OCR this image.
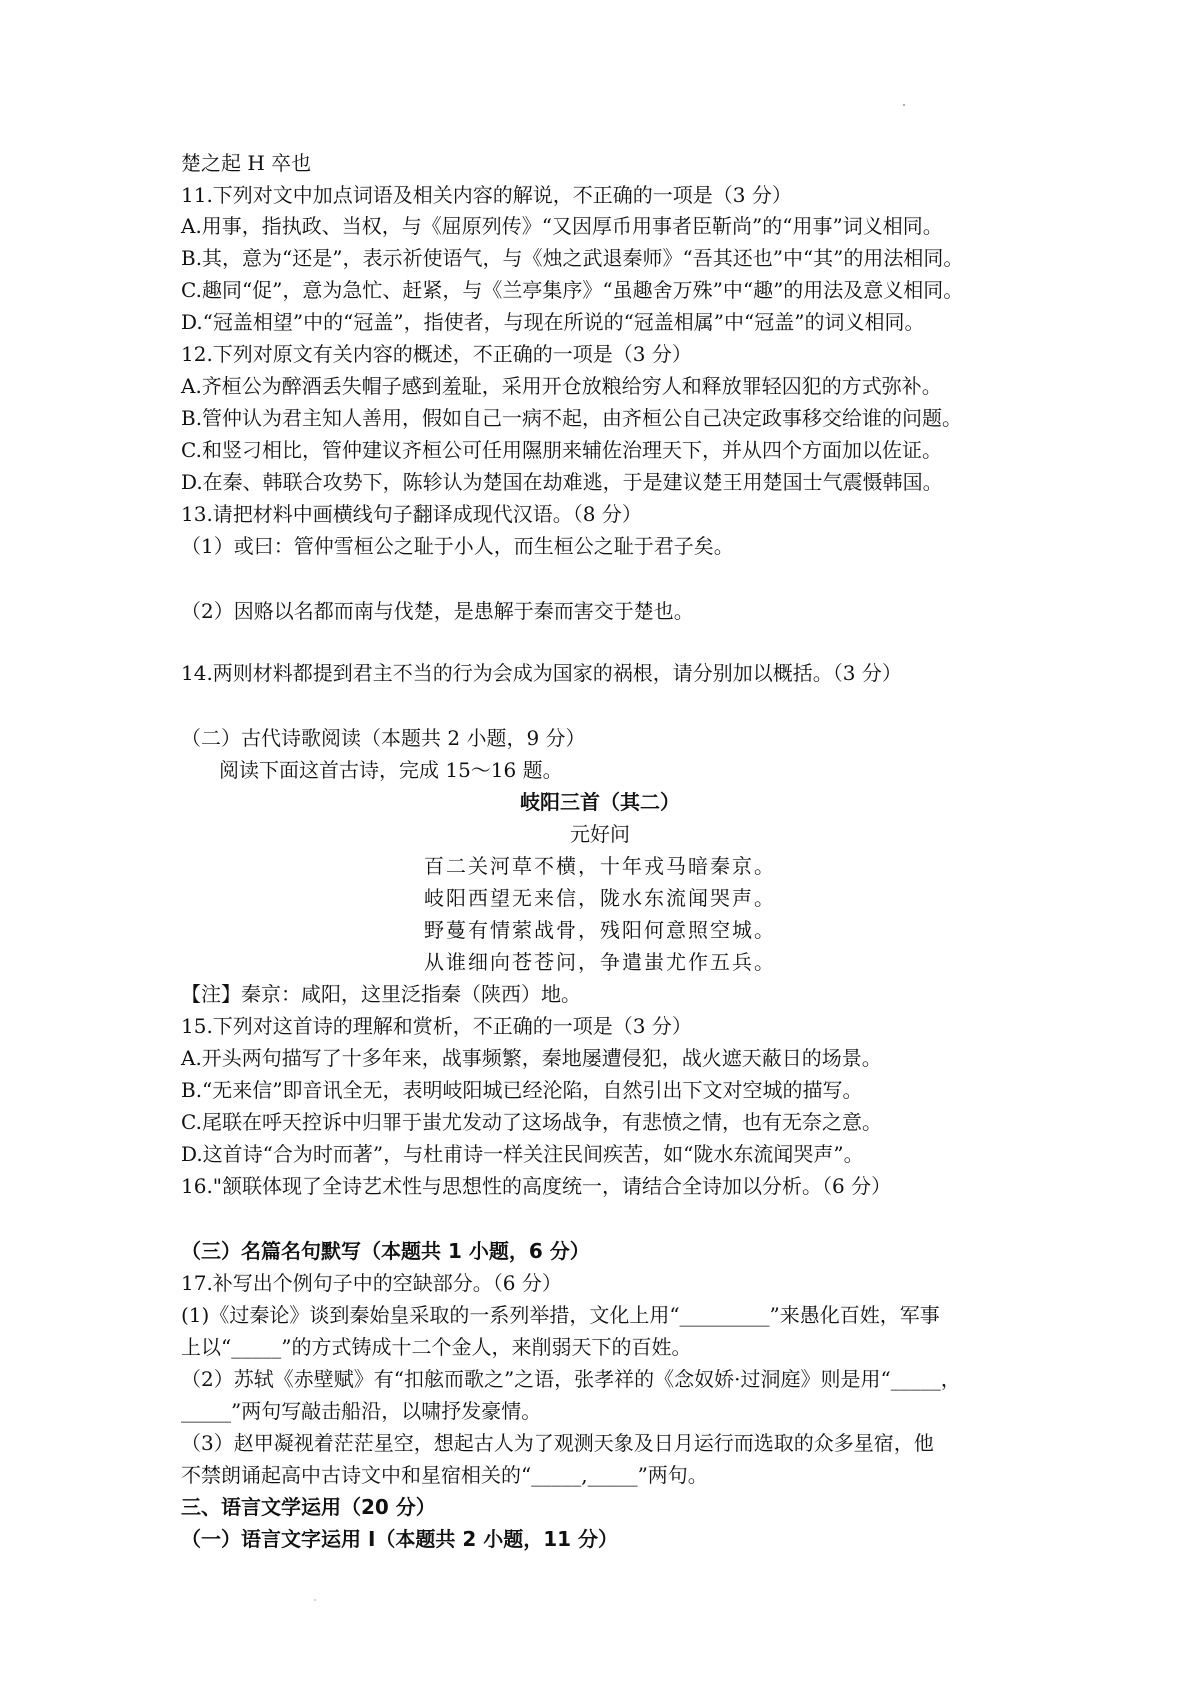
楚之起 H 卒也
11.下列对文中加点词语及相关内容的解说，不正确的一项是（3 分）
A.用事，指执政、当权，与《屈原列传》“又因厚币用事者臣靳尚”的“用事”词义相同。
B.其，意为“还是”，表示祈使语气，与《烛之武退秦师》“吾其还也”中“其”的用法相同。
C.趣同“促”，意为急忙、赶紧，与《兰亭集序》“虽趣舍万殊”中“趣”的用法及意义相同。
D.“冠盖相望”中的“冠盖”，指使者，与现在所说的“冠盖相属”中“冠盖”的词义相同。
12.下列对原文有关内容的概述，不正确的一项是（3 分）
A.齐桓公为醉酒丢失帽子感到羞耻，采用开仓放粮给穷人和释放罪轻囚犯的方式弥补。
B.管仲认为君主知人善用，假如自己一病不起，由齐桓公自己决定政事移交给谁的问题。
C.和竖刁相比，管仲建议齐桓公可任用隰朋来辅佐治理天下，并从四个方面加以佐证。
D.在秦、韩联合攻势下，陈轸认为楚国在劫难逃，于是建议楚王用楚国士气震慑韩国。
13.请把材料中画横线句子翻译成现代汉语。（8 分）
（1）或曰：管仲雪桓公之耻于小人，而生桓公之耻于君子矣。
（2）因赂以名都而南与伐楚，是患解于秦而害交于楚也。
14.两则材料都提到君主不当的行为会成为国家的祸根，请分别加以概括。（3 分）
（二）古代诗歌阅读（本题共 2 小题，9 分）
阅读下面这首古诗，完成 15～16 题。
岐阳三首（其二）
元好问
百二关河草不横，十年戎马暗秦京。
岐阳西望无来信，陇水东流闻哭声。
野蔓有情萦战骨，残阳何意照空城。
从谁细向苍苍问，争遣蚩尤作五兵。
【注】秦京：咸阳，这里泛指秦（陕西）地。
15.下列对这首诗的理解和赏析，不正确的一项是（3 分）
A.开头两句描写了十多年来，战事频繁，秦地屡遭侵犯，战火遮天蔽日的场景。
B.“无来信”即音讯全无，表明岐阳城已经沦陷，自然引出下文对空城的描写。
C.尾联在呼天控诉中归罪于蚩尤发动了这场战争，有悲愤之情，也有无奈之意。
D.这首诗“合为时而著”，与杜甫诗一样关注民间疾苦，如“陇水东流闻哭声”。
16."颔联体现了全诗艺术性与思想性的高度统一，请结合全诗加以分析。（6 分）
（三）名篇名句默写（本题共 1 小题，6 分）
17.补写出个例句子中的空缺部分。（6 分）
(1)《过秦论》谈到秦始皇采取的一系列举措，文化上用“_________”来愚化百姓，军事
上以“_____”的方式铸成十二个金人，来削弱天下的百姓。
（2）苏轼《赤壁赋》有“扣舷而歌之”之语，张孝祥的《念奴娇·过洞庭》则是用“_____，
_____”两句写敲击船沿，以啸抒发豪情。
（3）赵甲凝视着茫茫星空，想起古人为了观测天象及日月运行而选取的众多星宿，他
不禁朗诵起高中古诗文中和星宿相关的“_____,_____”两句。
三、语言文学运用（20 分）
（一）语言文字运用 I（本题共 2 小题，11 分）
